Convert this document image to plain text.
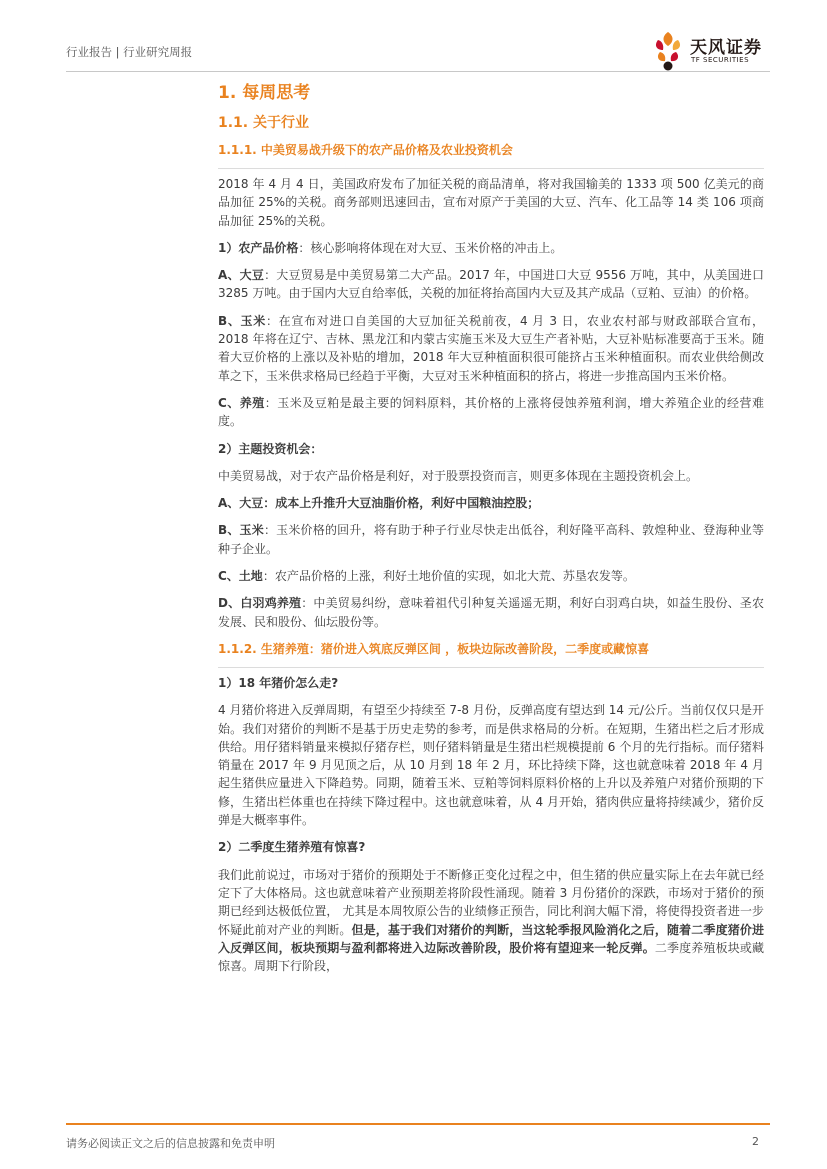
行业报告 | 行业研究周报	天风证券
TF SECURITIES
1. 每周思考
1.1. 关于行业
1.1.1. 中美贸易战升级下的农产品价格及农业投资机会

2018 年 4 月 4 日，美国政府发布了加征关税的商品清单，将对我国输美的 1333 项 500 亿美元的商品加征 25%的关税。商务部则迅速回击，宣布对原产于美国的大豆、汽车、化工品等 14 类 106 项商品加征 25%的关税。

1）农产品价格：核心影响将体现在对大豆、玉米价格的冲击上。

A、大豆：大豆贸易是中美贸易第二大产品。2017 年，中国进口大豆 9556 万吨，其中，从美国进口 3285 万吨。由于国内大豆自给率低，关税的加征将抬高国内大豆及其产成品（豆粕、豆油）的价格。

B、玉米：在宣布对进口自美国的大豆加征关税前夜，4 月 3 日，农业农村部与财政部联合宣布，2018 年将在辽宁、吉林、黑龙江和内蒙古实施玉米及大豆生产者补贴，大豆补贴标准要高于玉米。随着大豆价格的上涨以及补贴的增加，2018 年大豆种植面积很可能挤占玉米种植面积。而农业供给侧改革之下，玉米供求格局已经趋于平衡，大豆对玉米种植面积的挤占，将进一步推高国内玉米价格。

C、养殖：玉米及豆粕是最主要的饲料原料，其价格的上涨将侵蚀养殖利润，增大养殖企业的经营难度。

2）主题投资机会：

中美贸易战，对于农产品价格是利好，对于股票投资而言，则更多体现在主题投资机会上。

A、大豆：成本上升推升大豆油脂价格，利好中国粮油控股；

B、玉米：玉米价格的回升，将有助于种子行业尽快走出低谷，利好隆平高科、敦煌种业、登海种业等种子企业。

C、土地：农产品价格的上涨，利好土地价值的实现，如北大荒、苏垦农发等。

D、白羽鸡养殖：中美贸易纠纷，意味着祖代引种复关遥遥无期，利好白羽鸡白块，如益生股份、圣农发展、民和股份、仙坛股份等。

1.1.2. 生猪养殖：猪价进入筑底反弹区间 ，板块边际改善阶段，二季度或藏惊喜

1）18 年猪价怎么走?

4 月猪价将进入反弹周期，有望至少持续至 7-8 月份，反弹高度有望达到 14 元/公斤。当前仅仅只是开始。我们对猪价的判断不是基于历史走势的参考，而是供求格局的分析。在短期，生猪出栏之后才形成供给。用仔猪料销量来模拟仔猪存栏，则仔猪料销量是生猪出栏规模提前 6 个月的先行指标。而仔猪料销量在 2017 年 9 月见顶之后，从 10 月到 18 年 2 月，环比持续下降，这也就意味着 2018 年 4 月起生猪供应量进入下降趋势。同期，随着玉米、豆粕等饲料原料价格的上升以及养殖户对猪价预期的下修，生猪出栏体重也在持续下降过程中。这也就意味着，从 4 月开始，猪肉供应量将持续减少，猪价反弹是大概率事件。

2）二季度生猪养殖有惊喜?

我们此前说过，市场对于猪价的预期处于不断修正变化过程之中，但生猪的供应量实际上在去年就已经定下了大体格局。这也就意味着产业预期差将阶段性涌现。随着 3 月份猪价的深跌，市场对于猪价的预期已经到达极低位置， 尤其是本周牧原公告的业绩修正预告，同比利润大幅下滑，将使得投资者进一步怀疑此前对产业的判断。但是，基于我们对猪价的判断，当这轮季报风险消化之后，随着二季度猪价进入反弹区间，板块预期与盈利都将进入边际改善阶段，股价将有望迎来一轮反弹。二季度养殖板块或藏惊喜。周期下行阶段，

请务必阅读正文之后的信息披露和免责申明	2
